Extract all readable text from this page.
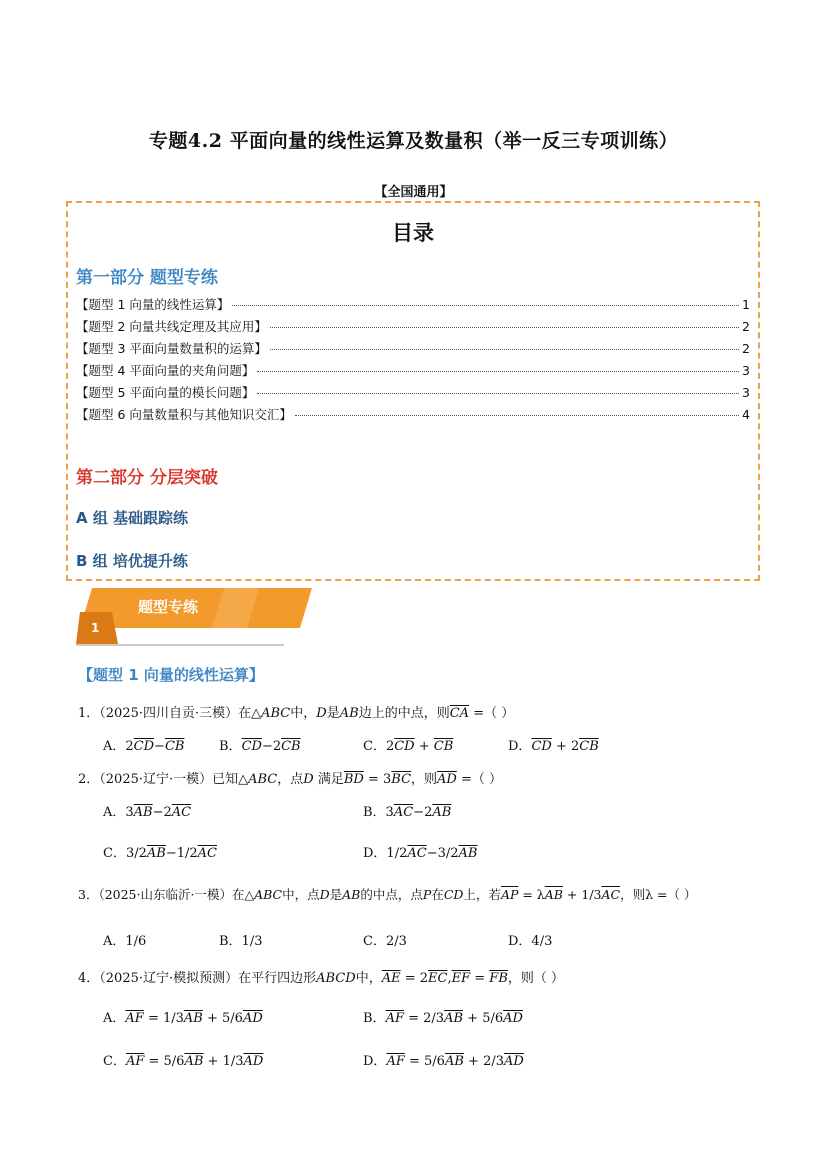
专题4.2 平面向量的线性运算及数量积（举一反三专项训练）
【全国通用】
目录
第一部分 题型专练
【题型 1 向量的线性运算】	1
【题型 2 向量共线定理及其应用】	2
【题型 3 平面向量数量积的运算】	2
【题型 4 平面向量的夹角问题】	3
【题型 5 平面向量的模长问题】	3
【题型 6 向量数量积与其他知识交汇】	4
第二部分 分层突破
A 组 基础跟踪练
B 组 培优提升练
题型专练
1
【题型 1 向量的线性运算】
1．（2025·四川自贡·三模）在△ABC中，D是AB边上的中点，则$\overline{CA}$ =（ ）
A．$2\overline{CD}-\overline{CB}$	B．$\overline{CD}-2\overline{CB}$	C．$2\overline{CD} + \overline{CB}$	D．$\overline{CD} + 2\overline{CB}$
2．（2025·辽宁·一模）已知△ABC，点D 满足$\overline{BD} = 3\overline{BC}$，则$\overline{AD}$ =（ ）
A．$3\overline{AB}-2\overline{AC}$	B．$3\overline{AC}-2\overline{AB}$
C．$3/2\overline{AB}-1/2\overline{AC}$	D．$1/2\overline{AC}-3/2\overline{AB}$
3．（2025·山东临沂·一模）在△ABC中，点D是AB的中点，点P在CD上，若$\overline{AP} = \lambda\overline{AB} + 1/3\overline{AC}$，则λ =（ ）
A．1/6	B．1/3	C．2/3	D．4/3
4．（2025·辽宁·模拟预测）在平行四边形ABCD中，$\overline{AE} = 2\overline{EC},\overline{EF} = \overline{FB}$，则（ ）
A．$\overline{AF} = 1/3\overline{AB} + 5/6\overline{AD}$	B．$\overline{AF} = 2/3\overline{AB} + 5/6\overline{AD}$
C．$\overline{AF} = 5/6\overline{AB} + 1/3\overline{AD}$	D．$\overline{AF} = 5/6\overline{AB} + 2/3\overline{AD}$
